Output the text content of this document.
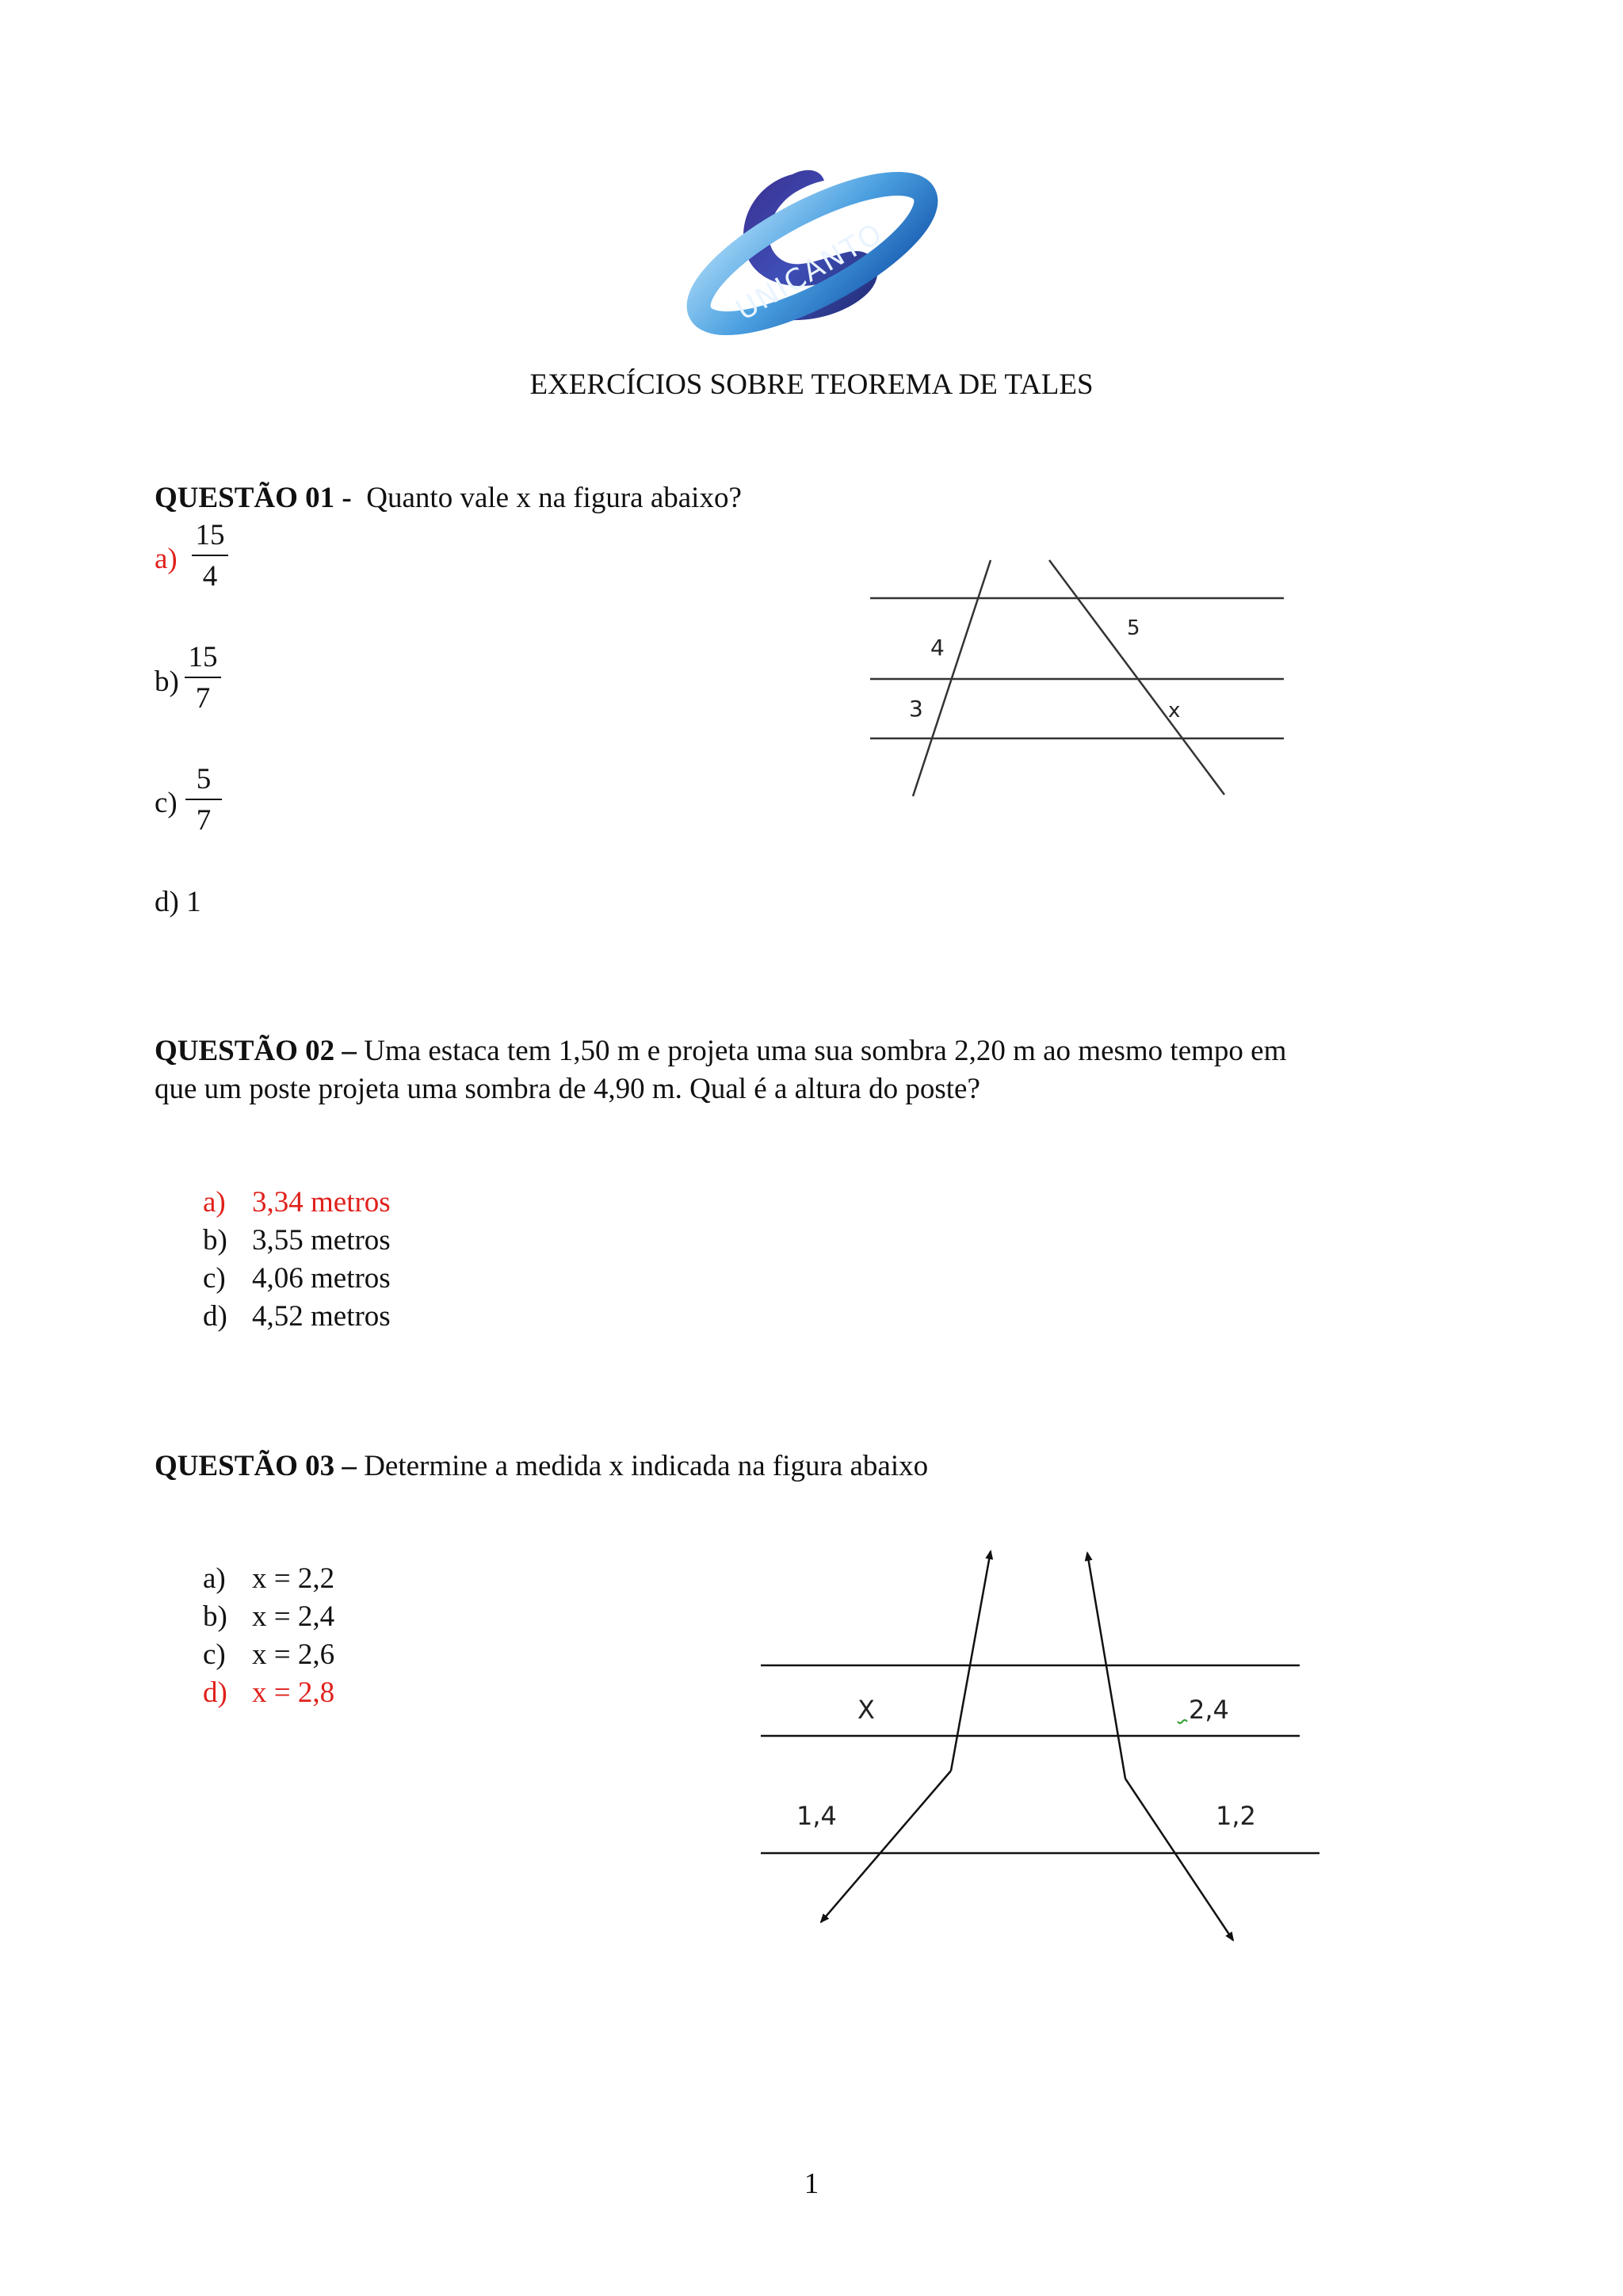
UNICANTO
EXERCÍCIOS SOBRE TEOREMA DE TALES
QUESTÃO 01 - Quanto vale x na figura abaixo?
a)
15
4
b)
15
7
c)
5
7
d) 1
4
3
5
x
QUESTÃO 02 – Uma estaca tem 1,50 m e projeta uma sua sombra 2,20 m ao mesmo tempo em
que um poste projeta uma sombra de 4,90 m. Qual é a altura do poste?
a) 3,34 metros
b) 3,55 metros
c) 4,06 metros
d) 4,52 metros
QUESTÃO 03 – Determine a medida x indicada na figura abaixo
a) x = 2,2
b) x = 2,4
c) x = 2,6
d) x = 2,8
X	2,4
1,4	1,2
1
